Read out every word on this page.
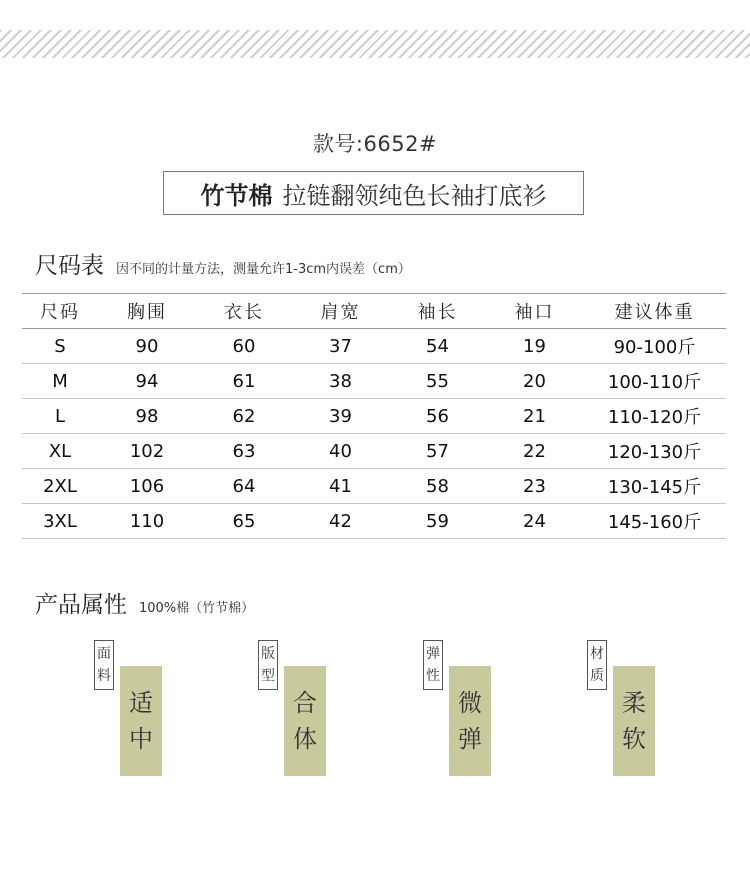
款号:6652#
竹节棉 拉链翻领纯色长袖打底衫
尺码表 因不同的计量方法，测量允许1-3cm内误差（cm）
尺码	胸围	衣长	肩宽	袖长	袖口	建议体重
S	90	60	37	54	19	90-100斤
M	94	61	38	55	20	100-110斤
L	98	62	39	56	21	110-120斤
XL	102	63	40	57	22	120-130斤
2XL	106	64	41	58	23	130-145斤
3XL	110	65	42	59	24	145-160斤
产品属性 100%棉（竹节棉）
面
料
适
中
版
型
合
体
弹
性
微
弹
材
质
柔
软
